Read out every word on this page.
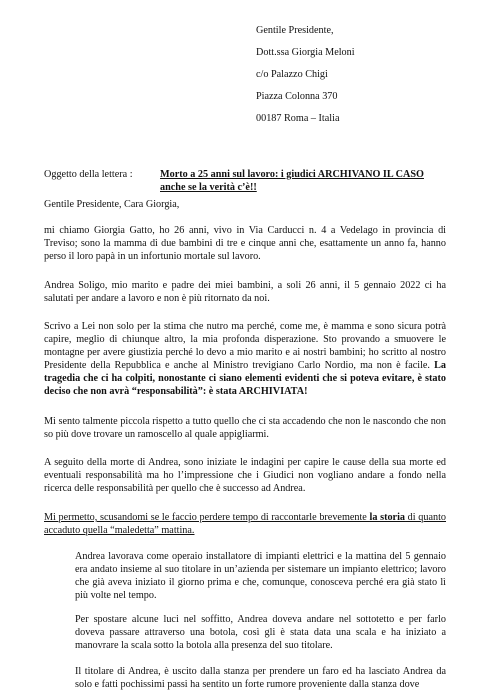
Gentile Presidente,
Dott.ssa Giorgia Meloni
c/o Palazzo Chigi
Piazza Colonna 370
00187 Roma – Italia
Oggetto della lettera :	Morto a 25 anni sul lavoro: i giudici ARCHIVANO IL CASO anche se la verità c’è!!
Gentile Presidente, Cara Giorgia,
mi chiamo Giorgia Gatto, ho 26 anni, vivo in Via Carducci n. 4 a Vedelago in provincia di Treviso; sono la mamma di due bambini di tre e cinque anni che, esattamente un anno fa, hanno perso il loro papà in un infortunio mortale sul lavoro.
Andrea Soligo, mio marito e padre dei miei bambini, a soli 26 anni, il 5 gennaio 2022 ci ha salutati per andare a lavoro e non è più ritornato da noi.
Scrivo a Lei non solo per la stima che nutro ma perché, come me, è mamma e sono sicura potrà capire, meglio di chiunque altro, la mia profonda disperazione. Sto provando a smuovere le montagne per avere giustizia perché lo devo a mio marito e ai nostri bambini; ho scritto al nostro Presidente della Repubblica e anche al Ministro trevigiano Carlo Nordio, ma non è facile. La tragedia che ci ha colpiti, nonostante ci siano elementi evidenti che si poteva evitare, è stato deciso che non avrà “responsabilità”: è stata ARCHIVIATA!
Mi sento talmente piccola rispetto a tutto quello che ci sta accadendo che non le nascondo che non so più dove trovare un ramoscello al quale appigliarmi.
A seguito della morte di Andrea, sono iniziate le indagini per capire le cause della sua morte ed eventuali responsabilità ma ho l’impressione che i Giudici non vogliano andare a fondo nella ricerca delle responsabilità per quello che è successo ad Andrea.
Mi permetto, scusandomi se le faccio perdere tempo di raccontarle brevemente la storia di quanto accaduto quella “maledetta” mattina.
Andrea lavorava come operaio installatore di impianti elettrici e la mattina del 5 gennaio era andato insieme al suo titolare in un’azienda per sistemare un impianto elettrico; lavoro che già aveva iniziato il giorno prima e che, comunque, conosceva perché era già stato lì più volte nel tempo.
Per spostare alcune luci nel soffitto, Andrea doveva andare nel sottotetto e per farlo doveva passare attraverso una botola, così gli è stata data una scala e ha iniziato a manovrare la scala sotto la botola alla presenza del suo titolare.
Il titolare di Andrea, è uscito dalla stanza per prendere un faro ed ha lasciato Andrea da solo e fatti pochissimi passi ha sentito un forte rumore proveniente dalla stanza dove
